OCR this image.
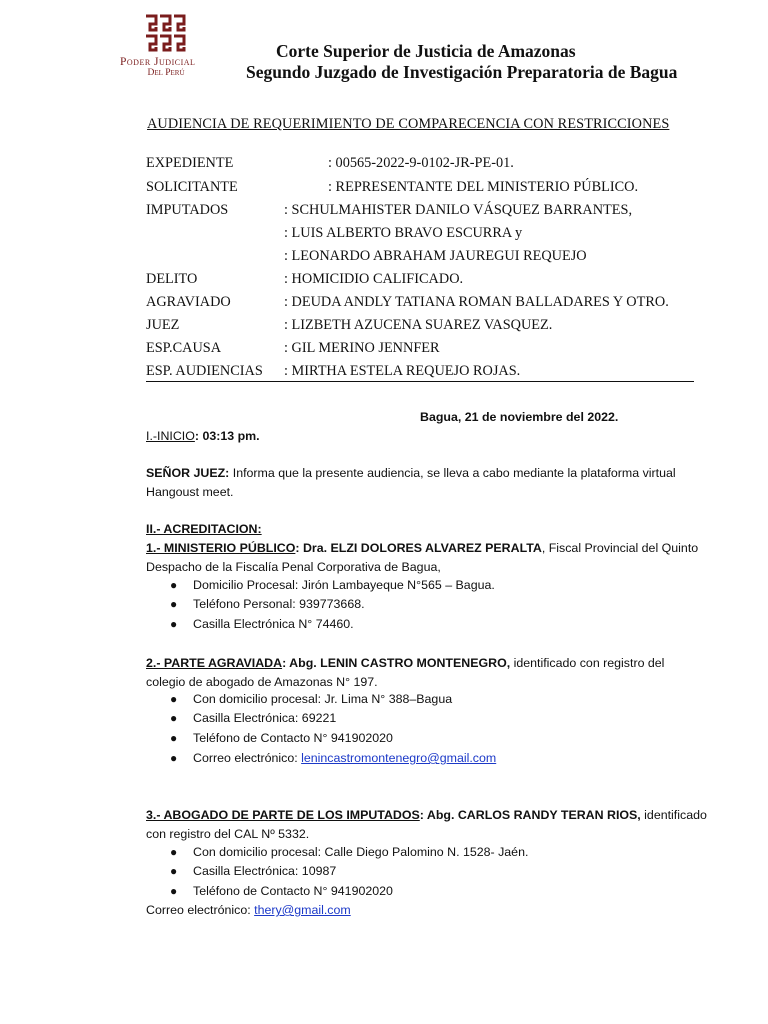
Poder Judicial
Del Perú
Corte Superior de Justicia de Amazonas
Segundo Juzgado de Investigación Preparatoria de Bagua
AUDIENCIA DE REQUERIMIENTO DE COMPARECENCIA CON RESTRICCIONES
EXPEDIENTE	: 00565-2022-9-0102-JR-PE-01.
SOLICITANTE	: REPRESENTANTE DEL MINISTERIO PÚBLICO.
IMPUTADOS	: SCHULMAHISTER DANILO VÁSQUEZ BARRANTES,
: LUIS ALBERTO BRAVO ESCURRA y
: LEONARDO ABRAHAM JAUREGUI REQUEJO
DELITO	: HOMICIDIO CALIFICADO.
AGRAVIADO	: DEUDA ANDLY TATIANA ROMAN BALLADARES Y OTRO.
JUEZ	: LIZBETH AZUCENA SUAREZ VASQUEZ.
ESP.CAUSA	: GIL MERINO JENNFER
ESP. AUDIENCIAS : MIRTHA ESTELA REQUEJO ROJAS.
Bagua, 21 de noviembre del 2022.
I.-INICIO: 03:13 pm.
SEÑOR JUEZ: Informa que la presente audiencia, se lleva a cabo mediante la plataforma virtual
Hangoust meet.
II.- ACREDITACION:
1.- MINISTERIO PÚBLICO: Dra. ELZI DOLORES ALVAREZ PERALTA, Fiscal Provincial del Quinto
Despacho de la Fiscalía Penal Corporativa de Bagua,
● Domicilio Procesal: Jirón Lambayeque N°565 – Bagua.
● Teléfono Personal: 939773668.
● Casilla Electrónica N° 74460.
2.- PARTE AGRAVIADA: Abg. LENIN CASTRO MONTENEGRO, identificado con registro del
colegio de abogado de Amazonas N° 197.
● Con domicilio procesal: Jr. Lima N° 388–Bagua
● Casilla Electrónica: 69221
● Teléfono de Contacto N° 941902020
● Correo electrónico: lenincastromontenegro@gmail.com
3.- ABOGADO DE PARTE DE LOS IMPUTADOS: Abg. CARLOS RANDY TERAN RIOS, identificado
con registro del CAL Nº 5332.
● Con domicilio procesal: Calle Diego Palomino N. 1528- Jaén.
● Casilla Electrónica: 10987
● Teléfono de Contacto N° 941902020
Correo electrónico: thery@gmail.com
